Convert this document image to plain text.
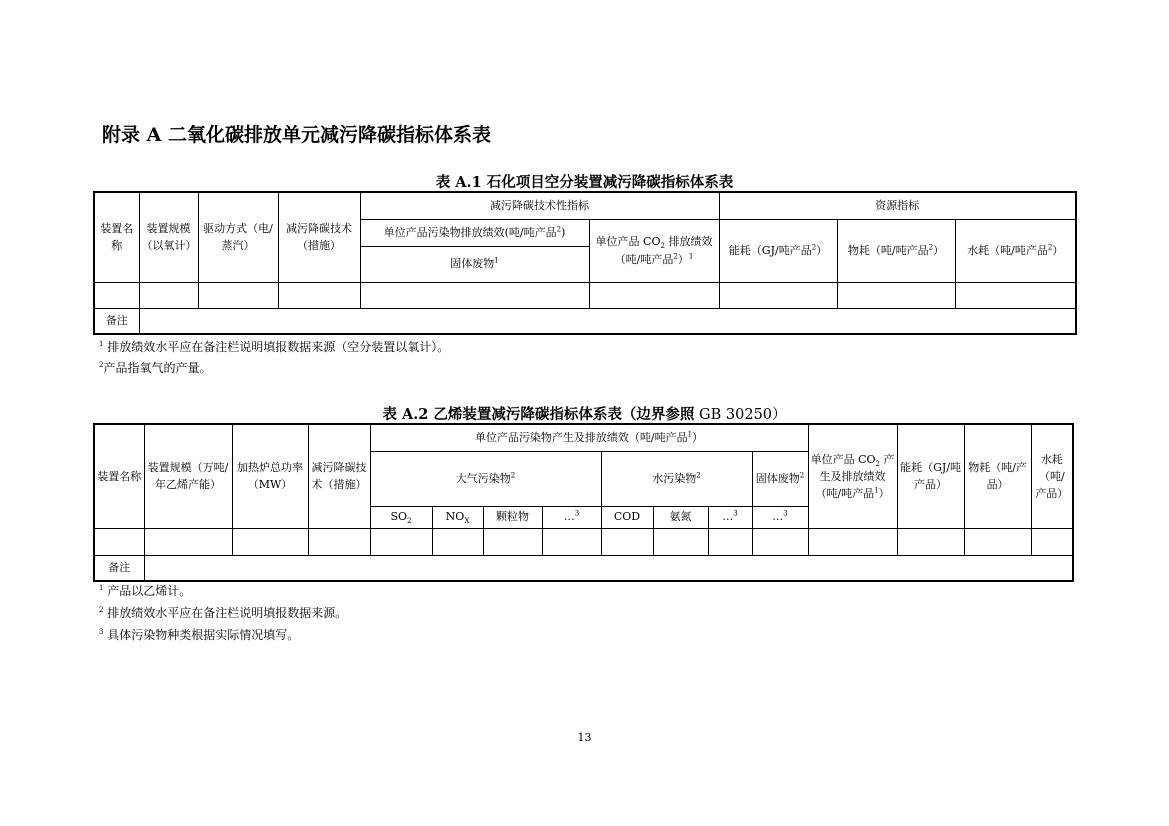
附录 A 二氧化碳排放单元减污降碳指标体系表
表 A.1 石化项目空分装置减污降碳指标体系表
装置名称	装置规模（以氧计）	驱动方式（电/蒸汽）	减污降碳技术（措施）	减污降碳技术性指标		资源指标		
				单位产品污染物排放绩效(吨/吨产品$^2$)	单位产品 $CO_2$ 排放绩效（吨/吨产品$^2$）$^1$	能耗（GJ/吨产品$^2$）	物耗（吨/吨产品$^2$）	水耗（吨/吨产品$^2$）
				固体废物$^1$

备注								
$^1$ 排放绩效水平应在备注栏说明填报数据来源（空分装置以氧计）。
$^2$产品指氧气的产量。
表 A.2 乙烯装置减污降碳指标体系表（边界参照 GB 30250）
装置名称	装置规模（万吨/年乙烯产能）	加热炉总功率（MW）	减污降碳技术（措施）	单位产品污染物产生及排放绩效（吨/吨产品$^1$）								单位产品 $CO_2$ 产生及排放绩效（吨/吨产品$^1$）	能耗（GJ/吨产品）	物耗（吨/产品）	水耗（吨/产品）
				大气污染物$^2$				水污染物$^2$			固体废物$^2$
				$SO_2$	$NO_X$	颗粒物	…$^3$	COD	氨氮	…$^3$	…$^3$

备注															
$^1$ 产品以乙烯计。
$^2$ 排放绩效水平应在备注栏说明填报数据来源。
$^3$ 具体污染物种类根据实际情况填写。
13
